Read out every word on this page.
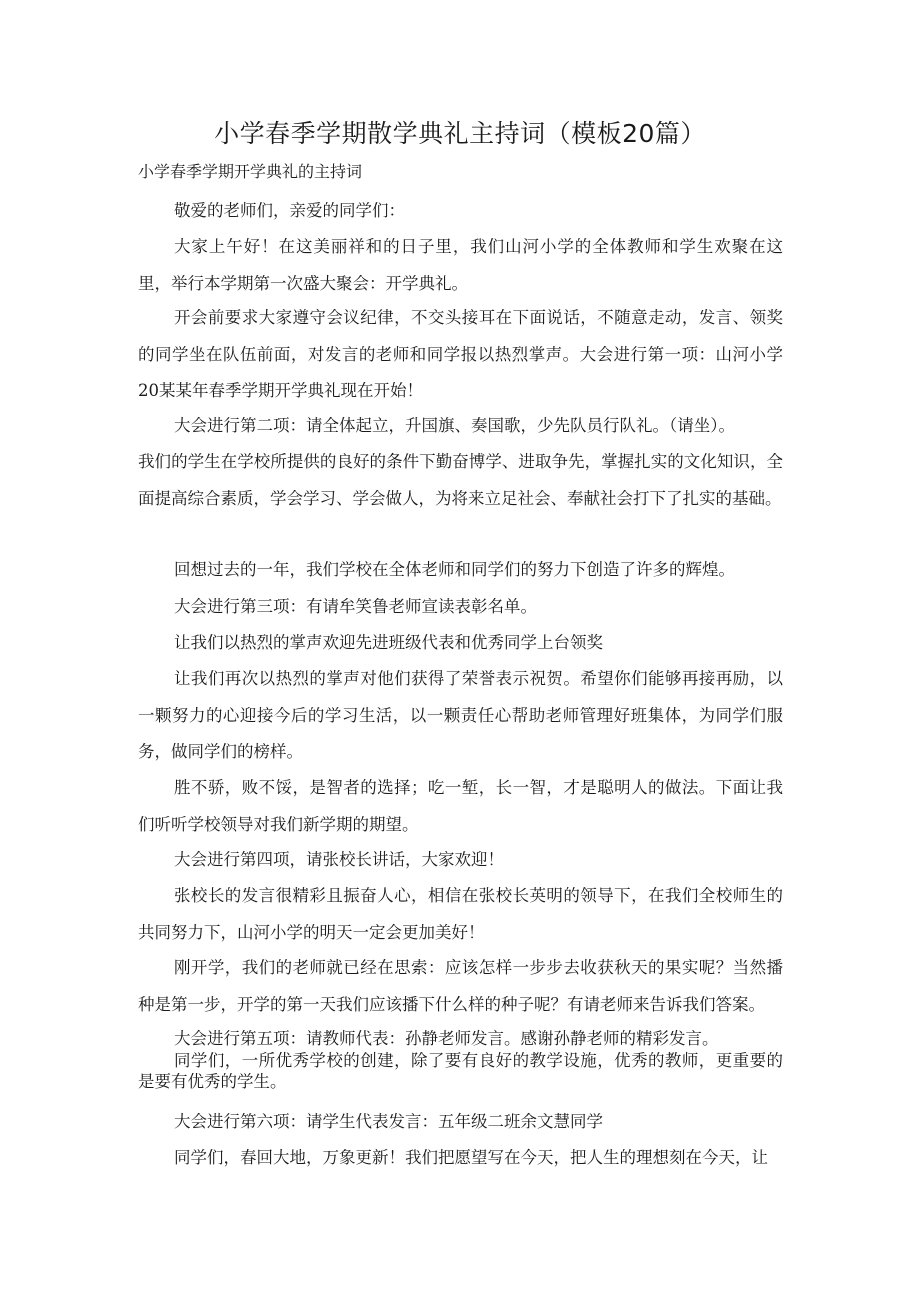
小学春季学期散学典礼主持词（模板20篇）

小学春季学期开学典礼的主持词

敬爱的老师们，亲爱的同学们：

大家上午好！在这美丽祥和的日子里，我们山河小学的全体教师和学生欢聚在这里，举行本学期第一次盛大聚会：开学典礼。

开会前要求大家遵守会议纪律，不交头接耳在下面说话，不随意走动，发言、领奖的同学坐在队伍前面，对发言的老师和同学报以热烈掌声。大会进行第一项：山河小学20某某年春季学期开学典礼现在开始！

大会进行第二项：请全体起立，升国旗、奏国歌，少先队员行队礼。（请坐）。

我们的学生在学校所提供的良好的条件下勤奋博学、进取争先，掌握扎实的文化知识，全面提高综合素质，学会学习、学会做人，为将来立足社会、奉献社会打下了扎实的基础。

回想过去的一年，我们学校在全体老师和同学们的努力下创造了许多的辉煌。

大会进行第三项：有请牟笑鲁老师宣读表彰名单。

让我们以热烈的掌声欢迎先进班级代表和优秀同学上台领奖

让我们再次以热烈的掌声对他们获得了荣誉表示祝贺。希望你们能够再接再励，以一颗努力的心迎接今后的学习生活，以一颗责任心帮助老师管理好班集体，为同学们服务，做同学们的榜样。

胜不骄，败不馁，是智者的选择；吃一堑，长一智，才是聪明人的做法。下面让我们听听学校领导对我们新学期的期望。

大会进行第四项，请张校长讲话，大家欢迎！

张校长的发言很精彩且振奋人心，相信在张校长英明的领导下，在我们全校师生的共同努力下，山河小学的明天一定会更加美好！

刚开学，我们的老师就已经在思索：应该怎样一步步去收获秋天的果实呢？当然播种是第一步，开学的第一天我们应该播下什么样的种子呢？有请老师来告诉我们答案。

大会进行第五项：请教师代表：孙静老师发言。感谢孙静老师的精彩发言。

同学们，一所优秀学校的创建，除了要有良好的教学设施，优秀的教师，更重要的是要有优秀的学生。

大会进行第六项：请学生代表发言：五年级二班余文慧同学

同学们，春回大地，万象更新！我们把愿望写在今天，把人生的理想刻在今天，让
